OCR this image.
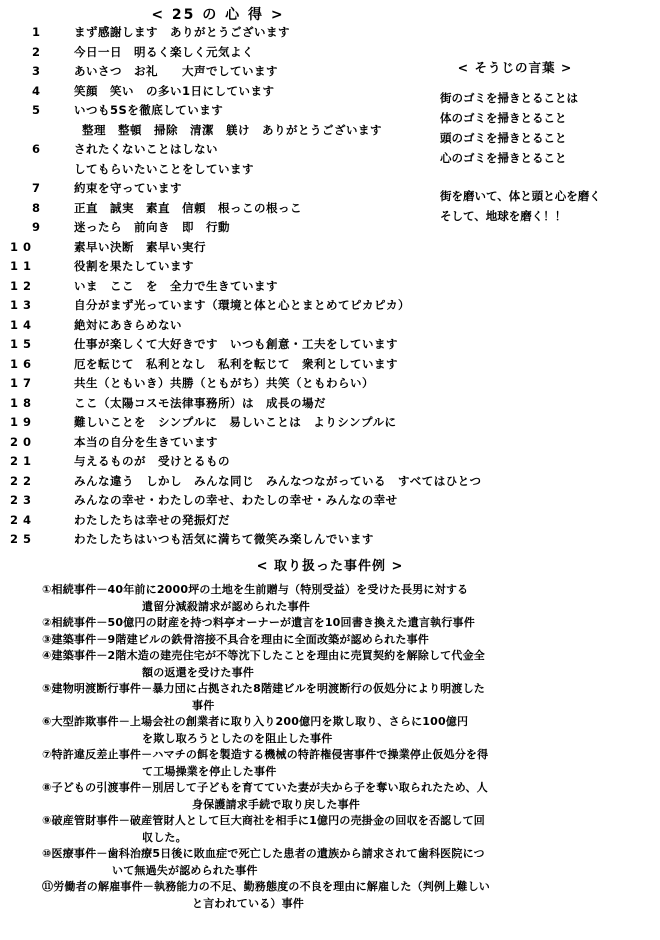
< 25 の 心 得 >
1	まず感謝します　ありがとうございます
2	今日一日　明るく楽しく元気よく
3	あいさつ　お礼　　大声でしています
4	笑顔　笑い　の多い1日にしています
5	いつも5Sを徹底しています
整理　整頓　掃除　清潔　躾け　ありがとうございます
6	されたくないことはしない
してもらいたいことをしています
7	約束を守っています
8	正直　誠実　素直　信頼　根っこの根っこ
9	迷ったら　前向き　即　行動
10	素早い決断　素早い実行
11	役割を果たしています
12	いま　ここ　を　全力で生きています
13	自分がまず光っています（環境と体と心とまとめてピカピカ）
14	絶対にあきらめない
15	仕事が楽しくて大好きです　いつも創意・工夫をしています
16	厄を転じて　私利となし　私利を転じて　衆利としています
17	共生（ともいき）共勝（ともがち）共笑（ともわらい）
18	ここ（太陽コスモ法律事務所）は　成長の場だ
19	難しいことを　シンプルに　易しいことは　よりシンプルに
20	本当の自分を生きています
21	与えるものが　受けとるもの
22	みんな違う　しかし　みんな同じ　みんなつながっている　すべてはひとつ
23	みんなの幸せ・わたしの幸せ、わたしの幸せ・みんなの幸せ
24	わたしたちは幸せの発振灯だ
25	わたしたちはいつも活気に満ちて微笑み楽しんでいます
< そうじの言葉 >
街のゴミを掃きとることは
体のゴミを掃きとること
頭のゴミを掃きとること
心のゴミを掃きとること
街を磨いて、体と頭と心を磨く
そして、地球を磨く！！
< 取り扱った事件例 >
①相続事件－40年前に2000坪の土地を生前贈与（特別受益）を受けた長男に対する
遺留分減殺請求が認められた事件
②相続事件－50億円の財産を持つ料亭オーナーが遺言を10回書き換えた遺言執行事件
③建築事件－9階建ビルの鉄骨溶接不具合を理由に全面改築が認められた事件
④建築事件－2階木造の建売住宅が不等沈下したことを理由に売買契約を解除して代金全
額の返還を受けた事件
⑤建物明渡断行事件－暴力団に占拠された8階建ビルを明渡断行の仮処分により明渡した
事件
⑥大型詐欺事件－上場会社の創業者に取り入り200億円を欺し取り、さらに100億円
を欺し取ろうとしたのを阻止した事件
⑦特許違反差止事件－ハマチの餌を製造する機械の特許権侵害事件で操業停止仮処分を得
て工場操業を停止した事件
⑧子どもの引渡事件－別居して子どもを育てていた妻が夫から子を奪い取られたため、人
身保護請求手続で取り戻した事件
⑨破産管財事件－破産管財人として巨大商社を相手に1億円の売掛金の回収を否認して回
収した。
⑩医療事件－歯科治療5日後に敗血症で死亡した患者の遺族から請求されて歯科医院につ
いて無過失が認められた事件
⑪労働者の解雇事件－執務能力の不足、勤務態度の不良を理由に解雇した（判例上難しい
と言われている）事件
